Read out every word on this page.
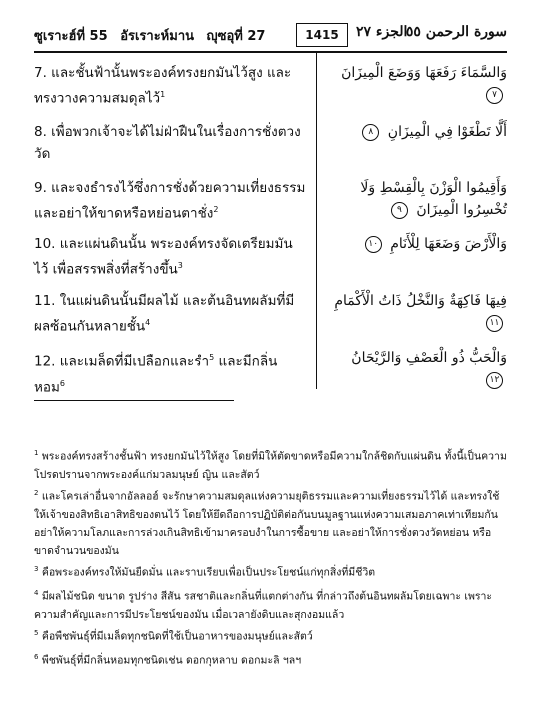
ซูเราะฮ์ที่ 55 อัรเราะห์มาน ญุซอุที่ 27	1415	الجزء ٢٧
سورة الرحمن ٥٥
7. และชั้นฟ้านั้นพระองค์ทรงยกมันไว้สูง และทรงวางความสมดุลไว้$^1$
وَالسَّمَاءَ رَفَعَهَا وَوَضَعَ الْمِيزَانَ ٧
8. เพื่อพวกเจ้าจะได้ไม่ฝ่าฝืนในเรื่องการชั่งตวงวัด
أَلَّا تَطْغَوْا فِي الْمِيزَانِ ٨
9. และจงธำรงไว้ซึ่งการชั่งด้วยความเที่ยงธรรม และอย่าให้ขาดหรือหย่อนตาชั่ง$^2$
وَأَقِيمُوا الْوَزْنَ بِالْقِسْطِ وَلَا تُخْسِرُوا الْمِيزَانَ ٩
10. และแผ่นดินนั้น พระองค์ทรงจัดเตรียมมันไว้ เพื่อสรรพสิ่งที่สร้างขึ้น$^3$
وَالْأَرْضَ وَضَعَهَا لِلْأَنَامِ ١٠
11. ในแผ่นดินนั้นมีผลไม้ และต้นอินทผลัมที่มีผลซ้อนกันหลายชั้น$^4$
فِيهَا فَاكِهَةٌ وَالنَّخْلُ ذَاتُ الْأَكْمَامِ ١١
12. และเมล็ดที่มีเปลือกและรำ$^5$ และมีกลิ่นหอม$^6$
وَالْحَبُّ ذُو الْعَصْفِ وَالرَّيْحَانُ ١٢
$^1$ พระองค์ทรงสร้างชั้นฟ้า ทรงยกมันไว้ให้สูง โดยที่มิให้ตัดขาดหรือมีความใกล้ชิดกับแผ่นดิน ทั้งนี้เป็นความโปรดปรานจากพระองค์แก่มวลมนุษย์ ญิน และสัตว์
$^2$ และโครเล่าอื่นจากอัลลอฮ์ จะรักษาความสมดุลแห่งความยุติธรรมและความเที่ยงธรรมไว้ได้ และทรงใช้ให้เจ้าของสิทธิเอาสิทธิของตนไว้ โดยให้ยึดถือการปฏิบัติต่อกันบนมูลฐานแห่งความเสมอภาคเท่าเทียมกัน อย่าให้ความโลภและการล่วงเกินสิทธิเข้ามาครอบงำในการซื้อขาย และอย่าให้การชั่งตวงวัดหย่อน หรือขาดจำนวนของมัน
$^3$ คือพระองค์ทรงให้มันยืดมั่น และราบเรียบเพื่อเป็นประโยชน์แก่ทุกสิ่งที่มีชีวิต
$^4$ มีผลไม้ชนิด ขนาด รูปร่าง สีสัน รสชาติและกลิ่นที่แตกต่างกัน ที่กล่าวถึงต้นอินทผลัมโดยเฉพาะ เพราะความสำคัญและการมีประโยชน์ของมัน เมื่อเวลายังดิบและสุกงอมแล้ว
$^5$ คือพืชพันธุ์ที่มีเมล็ดทุกชนิดที่ใช้เป็นอาหารของมนุษย์และสัตว์
$^6$ พืชพันธุ์ที่มีกลิ่นหอมทุกชนิดเช่น ดอกกุหลาบ ดอกมะลิ ฯลฯ
